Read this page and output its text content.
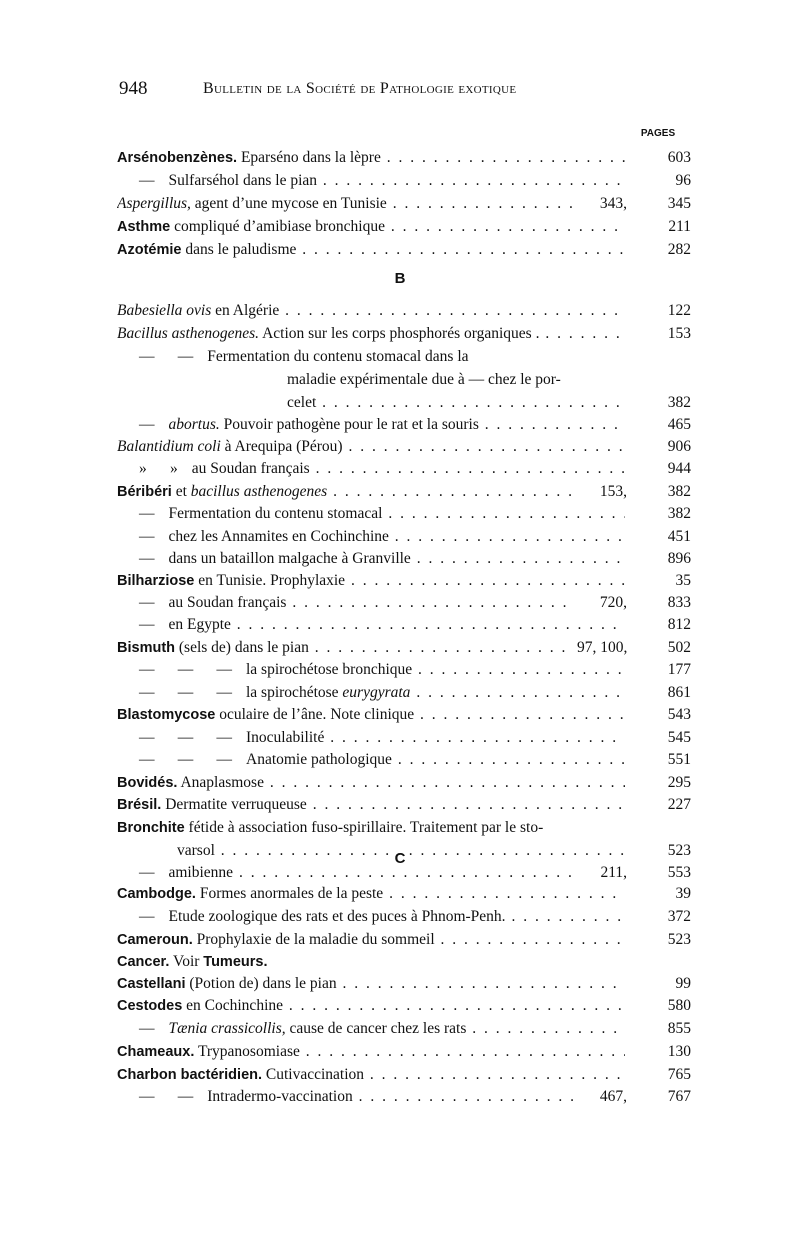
948	Bulletin de la Société de Pathologie exotique
PAGES
B
C
Arsénobenzènes. Eparséno dans la lèpre . . .	603
— Sulfarséhol dans le pian . . .	96
Aspergillus, agent d’une mycose en Tunisie . . .	343,	345
Asthme compliqué d’amibiase bronchique . . .	211
Azotémie dans le paludisme . . .	282
Babesiella ovis en Algérie . . .	122
Bacillus asthenogenes. Action sur les corps phosphorés organiques . . . .	153
—      — Fermentation du contenu stomacal dans la
maladie expérimentale due à — chez le por-
celet . . .	382
— abortus. Pouvoir pathogène pour le rat et la souris . . .	465
Balantidium coli à Arequipa (Pérou) . . .	906
»      » au Soudan français . . .	944
Béribéri et bacillus asthenogenes . . .	153,	382
— Fermentation du contenu stomacal . . .	382
— chez les Annamites en Cochinchine . . .	451
— dans un bataillon malgache à Granville . . .	896
Bilharziose en Tunisie. Prophylaxie . . .	35
— au Soudan français . . .	720,	833
— en Egypte . . .	812
Bismuth (sels de) dans le pian . . .	97, 100,	502
—      —      — la spirochétose bronchique . . .	177
—      —      — la spirochétose eurygyrata . . .	861
Blastomycose oculaire de l’âne. Note clinique . . .	543
—      —      — Inoculabilité . . .	545
—      —      — Anatomie pathologique . . .	551
Bovidés. Anaplasmose . . .	295
Brésil. Dermatite verruqueuse . . .	227
Bronchite fétide à association fuso-spirillaire. Traitement par le sto-
varsol . . .	523
— amibienne . . .	211,	553
Cambodge. Formes anormales de la peste . . .	39
— Etude zoologique des rats et des puces à Phnom-Penh. . . .	372
Cameroun. Prophylaxie de la maladie du sommeil . . .	523
Cancer. Voir Tumeurs.
Castellani (Potion de) dans le pian . . .	99
Cestodes en Cochinchine . . .	580
— Tænia crassicollis, cause de cancer chez les rats . . .	855
Chameaux. Trypanosomiase . . .	130
Charbon bactéridien. Cutivaccination . . .	765
—      — Intradermo-vaccination . . .	467,	767
